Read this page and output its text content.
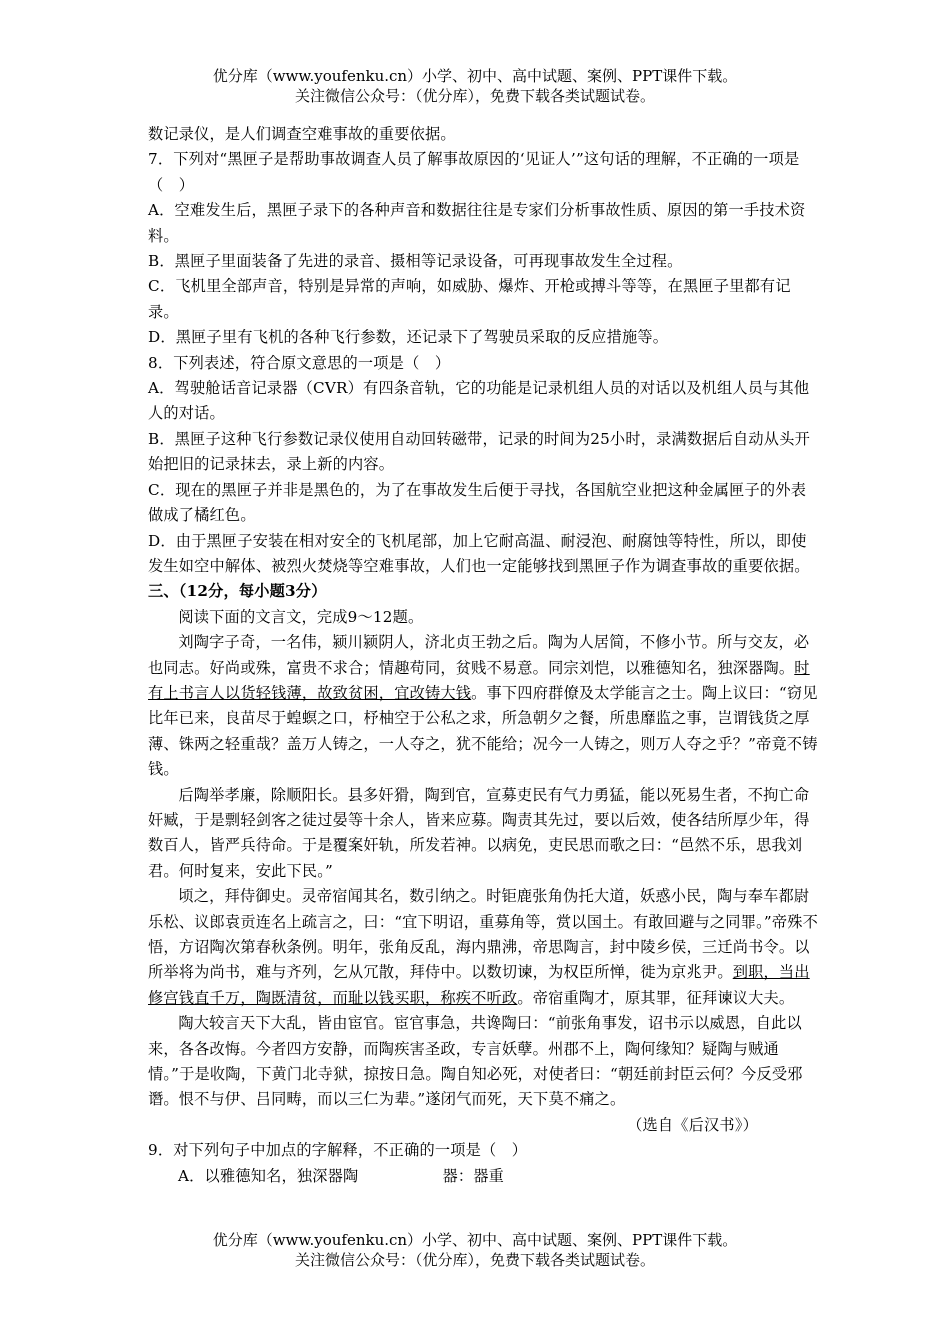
优分库（www.youfenku.cn）小学、初中、高中试题、案例、PPT课件下载。
关注微信公众号：（优分库），免费下载各类试题试卷。

数记录仪，是人们调查空难事故的重要依据。

7．下列对“黑匣子是帮助事故调查人员了解事故原因的‘见证人’”这句话的理解，不正确的一项是（　）

A．空难发生后，黑匣子录下的各种声音和数据往往是专家们分析事故性质、原因的第一手技术资料。

B．黑匣子里面装备了先进的录音、摄相等记录设备，可再现事故发生全过程。

C．飞机里全部声音，特别是异常的声响，如威胁、爆炸、开枪或搏斗等等，在黑匣子里都有记录。

D．黑匣子里有飞机的各种飞行参数，还记录下了驾驶员采取的反应措施等。

8．下列表述，符合原文意思的一项是（　）

A．驾驶舱话音记录器（CVR）有四条音轨，它的功能是记录机组人员的对话以及机组人员与其他人的对话。

B．黑匣子这种飞行参数记录仪使用自动回转磁带，记录的时间为25小时，录满数据后自动从头开始把旧的记录抹去，录上新的内容。

C．现在的黑匣子并非是黑色的，为了在事故发生后便于寻找，各国航空业把这种金属匣子的外表做成了橘红色。

D．由于黑匣子安装在相对安全的飞机尾部，加上它耐高温、耐浸泡、耐腐蚀等特性，所以，即使发生如空中解体、被烈火焚烧等空难事故，人们也一定能够找到黑匣子作为调查事故的重要依据。

三、（12分，每小题3分）

阅读下面的文言文，完成9～12题。

刘陶字子奇，一名伟，颍川颍阴人，济北贞王勃之后。陶为人居简，不修小节。所与交友，必也同志。好尚或殊，富贵不求合；情趣苟同，贫贱不易意。同宗刘恺，以雅德知名，独深器陶。时有上书言人以货轻钱薄，故致贫困，宜改铸大钱。事下四府群僚及太学能言之士。陶上议曰：“窃见比年已来，良苗尽于蝗螟之口，杼柚空于公私之求，所急朝夕之餐，所患靡监之事，岂谓钱货之厚薄、铢两之轻重哉？盖万人铸之，一人夺之，犹不能给；况今一人铸之，则万人夺之乎？”帝竟不铸钱。

后陶举孝廉，除顺阳长。县多奸猾，陶到官，宣募吏民有气力勇猛，能以死易生者，不拘亡命奸臧，于是剽轻剑客之徒过晏等十余人，皆来应募。陶责其先过，要以后效，使各结所厚少年，得数百人，皆严兵待命。于是覆案奸轨，所发若神。以病免，吏民思而歌之曰：“邑然不乐，思我刘君。何时复来，安此下民。”

顷之，拜侍御史。灵帝宿闻其名，数引纳之。时钜鹿张角伪托大道，妖惑小民，陶与奉车都尉乐松、议郎袁贡连名上疏言之，曰：“宜下明诏，重募角等，赏以国土。有敢回避与之同罪。”帝殊不悟，方诏陶次第春秋条例。明年，张角反乱，海内鼎沸，帝思陶言，封中陵乡侯，三迁尚书令。以所举将为尚书，难与齐列，乞从冗散，拜侍中。以数切谏，为权臣所惮，徙为京兆尹。到职，当出修宫钱直千万，陶既清贫，而耻以钱买职，称疾不听政。帝宿重陶才，原其罪，征拜谏议大夫。

陶大较言天下大乱，皆由宦官。宦官事急，共谗陶曰：“前张角事发，诏书示以威恩，自此以来，各各改悔。今者四方安静，而陶疾害圣政，专言妖孽。州郡不上，陶何缘知？疑陶与贼通情。”于是收陶，下黄门北寺狱，掠按日急。陶自知必死，对使者曰：“朝廷前封臣云何？今反受邪谮。恨不与伊、吕同畴，而以三仁为辈。”遂闭气而死，天下莫不痛之。

（选自《后汉书》）

9．对下列句子中加点的字解释，不正确的一项是（　）

A．以雅德知名，独深器陶	器：器重

优分库（www.youfenku.cn）小学、初中、高中试题、案例、PPT课件下载。
关注微信公众号：（优分库），免费下载各类试题试卷。
